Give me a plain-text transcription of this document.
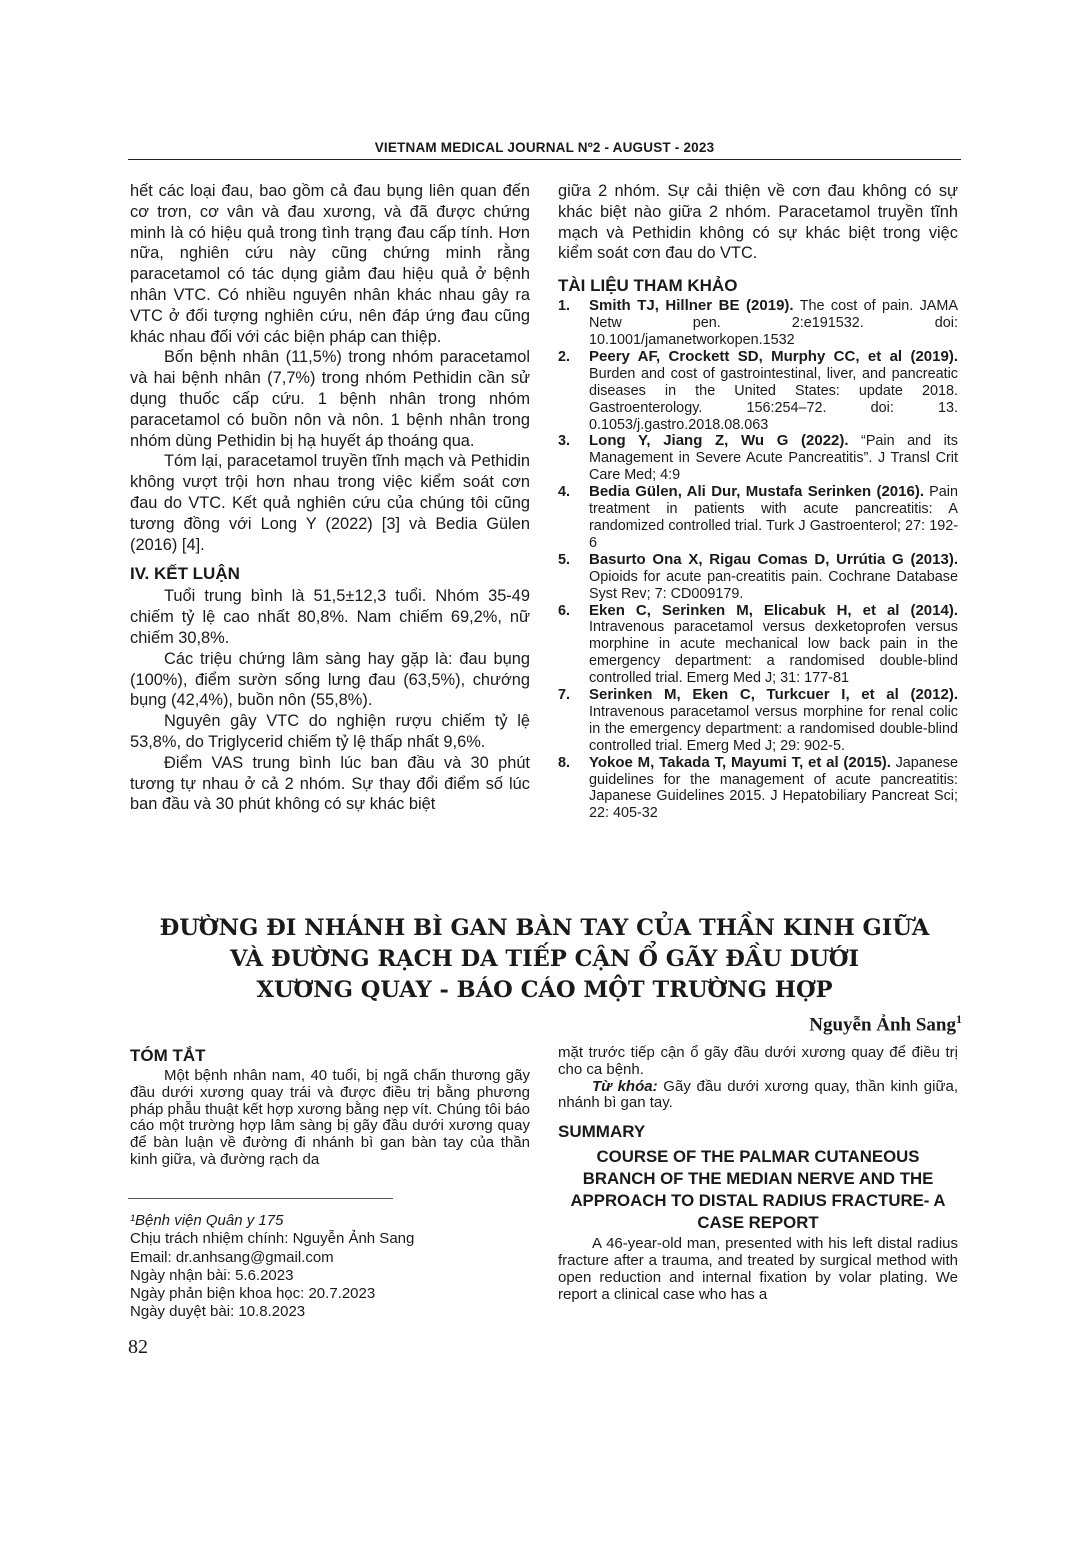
VIETNAM MEDICAL JOURNAL Nº2 - AUGUST - 2023

hết các loại đau, bao gồm cả đau bụng liên quan đến cơ trơn, cơ vân và đau xương, và đã được chứng minh là có hiệu quả trong tình trạng đau cấp tính. Hơn nữa, nghiên cứu này cũng chứng minh rằng paracetamol có tác dụng giảm đau hiệu quả ở bệnh nhân VTC. Có nhiều nguyên nhân khác nhau gây ra VTC ở đối tượng nghiên cứu, nên đáp ứng đau cũng khác nhau đối với các biện pháp can thiệp.

Bốn bệnh nhân (11,5%) trong nhóm paracetamol và hai bệnh nhân (7,7%) trong nhóm Pethidin cần sử dụng thuốc cấp cứu. 1 bệnh nhân trong nhóm paracetamol có buồn nôn và nôn. 1 bệnh nhân trong nhóm dùng Pethidin bị hạ huyết áp thoáng qua.

Tóm lại, paracetamol truyền tĩnh mạch và Pethidin không vượt trội hơn nhau trong việc kiểm soát cơn đau do VTC. Kết quả nghiên cứu của chúng tôi cũng tương đồng với Long Y (2022) [3] và Bedia Gülen (2016) [4].

IV. KẾT LUẬN

Tuổi trung bình là 51,5±12,3 tuổi. Nhóm 35-49 chiếm tỷ lệ cao nhất 80,8%. Nam chiếm 69,2%, nữ chiếm 30,8%.

Các triệu chứng lâm sàng hay gặp là: đau bụng (100%), điểm sườn sống lưng đau (63,5%), chướng bụng (42,4%), buồn nôn (55,8%).

Nguyên gây VTC do nghiện rượu chiếm tỷ lệ 53,8%, do Triglycerid chiếm tỷ lệ thấp nhất 9,6%.

Điểm VAS trung bình lúc ban đầu và 30 phút tương tự nhau ở cả 2 nhóm. Sự thay đổi điểm số lúc ban đầu và 30 phút không có sự khác biệt

giữa 2 nhóm. Sự cải thiện về cơn đau không có sự khác biệt nào giữa 2 nhóm. Paracetamol truyền tĩnh mạch và Pethidin không có sự khác biệt trong việc kiểm soát cơn đau do VTC.

TÀI LIỆU THAM KHẢO
1. Smith TJ, Hillner BE (2019). The cost of pain. JAMA Netw pen. 2:e191532. doi: 10.1001/jamanetworkopen.1532
2. Peery AF, Crockett SD, Murphy CC, et al (2019). Burden and cost of gastrointestinal, liver, and pancreatic diseases in the United States: update 2018. Gastroenterology. 156:254–72. doi: 13. 0.1053/j.gastro.2018.08.063
3. Long Y, Jiang Z, Wu G (2022). “Pain and its Management in Severe Acute Pancreatitis”. J Transl Crit Care Med; 4:9
4. Bedia Gülen, Ali Dur, Mustafa Serinken (2016). Pain treatment in patients with acute pancreatitis: A randomized controlled trial. Turk J Gastroenterol; 27: 192-6
5. Basurto Ona X, Rigau Comas D, Urrútia G (2013). Opioids for acute pan-creatitis pain. Cochrane Database Syst Rev; 7: CD009179.
6. Eken C, Serinken M, Elicabuk H, et al (2014). Intravenous paracetamol versus dexketoprofen versus morphine in acute mechanical low back pain in the emergency department: a randomised double-blind controlled trial. Emerg Med J; 31: 177-81
7. Serinken M, Eken C, Turkcuer I, et al (2012). Intravenous paracetamol versus morphine for renal colic in the emergency department: a randomised double-blind controlled trial. Emerg Med J; 29: 902-5.
8. Yokoe M, Takada T, Mayumi T, et al (2015). Japanese guidelines for the management of acute pancreatitis: Japanese Guidelines 2015. J Hepatobiliary Pancreat Sci; 22: 405-32
ĐƯỜNG ĐI NHÁNH BÌ GAN BÀN TAY CỦA THẦN KINH GIỮA
VÀ ĐƯỜNG RẠCH DA TIẾP CẬN Ổ GÃY ĐẦU DƯỚI
XƯƠNG QUAY - BÁO CÁO MỘT TRƯỜNG HỢP
Nguyễn Ảnh Sang$^1$
TÓM TẮT

Một bệnh nhân nam, 40 tuổi, bị ngã chấn thương gãy đầu dưới xương quay trái và được điều trị bằng phương pháp phẫu thuật kết hợp xương bằng nẹp vít. Chúng tôi báo cáo một trường hợp lâm sàng bị gãy đầu dưới xương quay để bàn luận về đường đi nhánh bì gan bàn tay của thần kinh giữa, và đường rạch da

¹Bệnh viện Quân y 175

Chịu trách nhiệm chính: Nguyễn Ảnh Sang

Email: dr.anhsang@gmail.com

Ngày nhận bài: 5.6.2023

Ngày phản biện khoa học: 20.7.2023

Ngày duyệt bài: 10.8.2023

82

mặt trước tiếp cận ổ gãy đầu dưới xương quay để điều trị cho ca bệnh.

Từ khóa: Gãy đầu dưới xương quay, thần kinh giữa, nhánh bì gan tay.

SUMMARY

COURSE OF THE PALMAR CUTANEOUS BRANCH OF THE MEDIAN NERVE AND THE APPROACH TO DISTAL RADIUS FRACTURE- A CASE REPORT

A 46-year-old man, presented with his left distal radius fracture after a trauma, and treated by surgical method with open reduction and internal fixation by volar plating. We report a clinical case who has a
